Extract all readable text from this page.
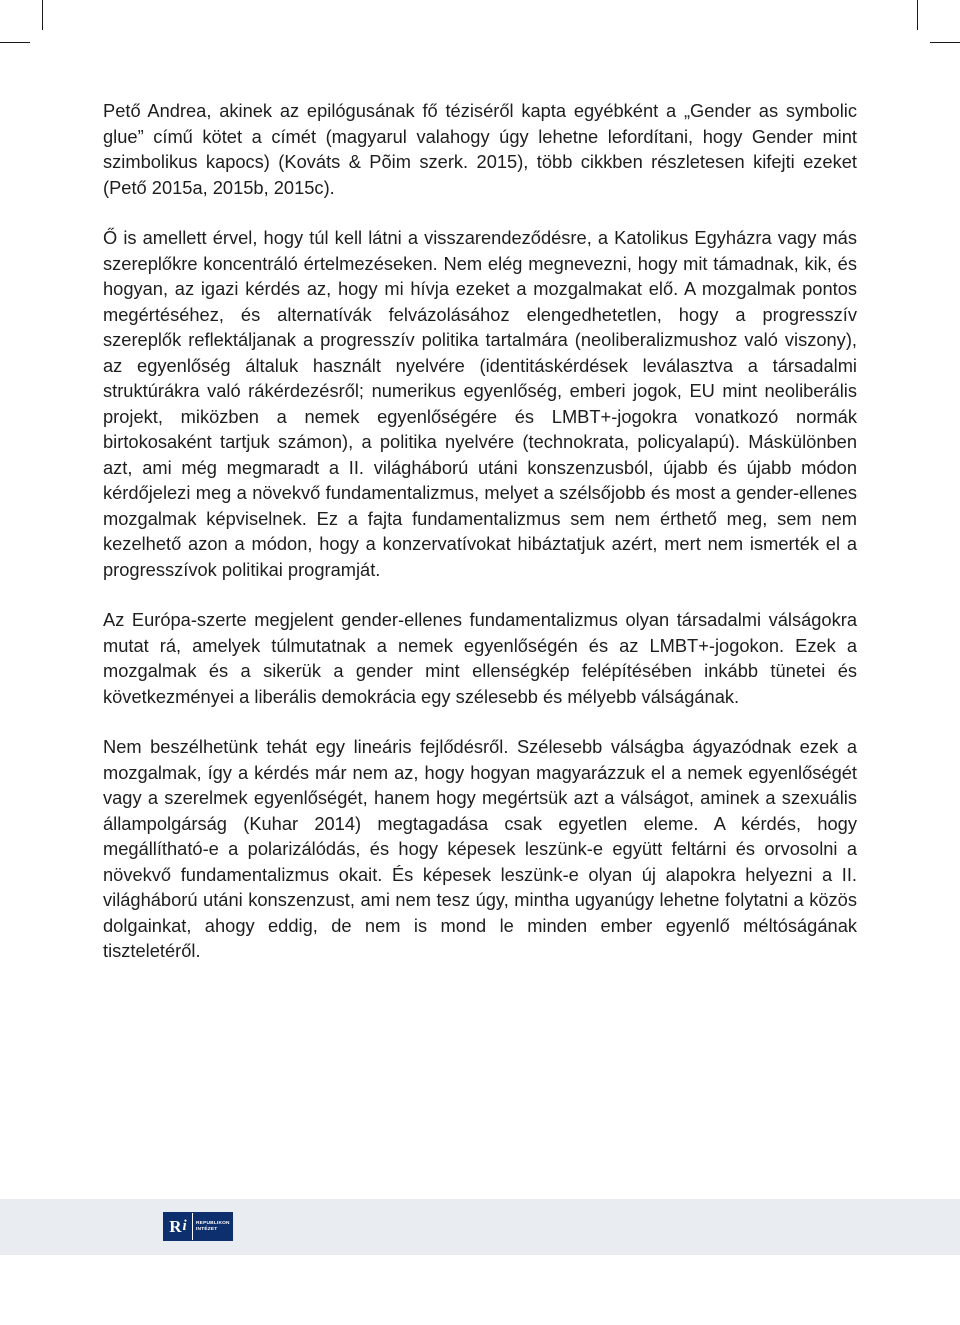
Pető Andrea, akinek az epilógusának fő téziséről kapta egyébként a „Gender as symbolic glue” című kötet a címét (magyarul valahogy úgy lehetne lefordítani, hogy Gender mint szimbolikus kapocs) (Kováts & Põim szerk. 2015), több cikkben részletesen kifejti ezeket (Pető 2015a, 2015b, 2015c).

Ő is amellett érvel, hogy túl kell látni a visszarendeződésre, a Katolikus Egyházra vagy más szereplőkre koncentráló értelmezéseken. Nem elég megnevezni, hogy mit támadnak, kik, és hogyan, az igazi kérdés az, hogy mi hívja ezeket a mozgalmakat elő. A mozgalmak pontos megértéséhez, és alternatívák felvázolásához elengedhetetlen, hogy a progresszív szereplők reflektáljanak a progresszív politika tartalmára (neoliberalizmushoz való viszony), az egyenlőség általuk használt nyelvére (identitáskérdések leválasztva a társadalmi struktúrákra való rákérdezésről; numerikus egyenlőség, emberi jogok, EU mint neoliberális projekt, miközben a nemek egyenlőségére és LMBT+-jogokra vonatkozó normák birtokosaként tartjuk számon), a politika nyelvére (technokrata, policyalapú). Máskülönben azt, ami még megmaradt a II. világháború utáni konszenzusból, újabb és újabb módon kérdőjelezi meg a növekvő fundamentalizmus, melyet a szélsőjobb és most a gender-ellenes mozgalmak képviselnek. Ez a fajta fundamentalizmus sem nem érthető meg, sem nem kezelhető azon a módon, hogy a konzervatívokat hibáztatjuk azért, mert nem ismerték el a progresszívok politikai programját.

Az Európa-szerte megjelent gender-ellenes fundamentalizmus olyan társadalmi válságokra mutat rá, amelyek túlmutatnak a nemek egyenlőségén és az LMBT+-jogokon. Ezek a mozgalmak és a sikerük a gender mint ellenségkép felépítésében inkább tünetei és következményei a liberális demokrácia egy szélesebb és mélyebb válságának.

Nem beszélhetünk tehát egy lineáris fejlődésről. Szélesebb válságba ágyazódnak ezek a mozgalmak, így a kérdés már nem az, hogy hogyan magyarázzuk el a nemek egyenlőségét vagy a szerelmek egyenlőségét, hanem hogy megértsük azt a válságot, aminek a szexuális állampolgárság (Kuhar 2014) megtagadása csak egyetlen eleme. A kérdés, hogy megállítható-e a polarizálódás, és hogy képesek leszünk-e együtt feltárni és orvosolni a növekvő fundamentalizmus okait. És képesek leszünk-e olyan új alapokra helyezni a II. világháború utáni konszenzust, ami nem tesz úgy, mintha ugyanúgy lehetne folytatni a közös dolgainkat, ahogy eddig, de nem is mond le minden ember egyenlő méltóságának tiszteletéről.

R i REPUBLIKON
INTÉZET
